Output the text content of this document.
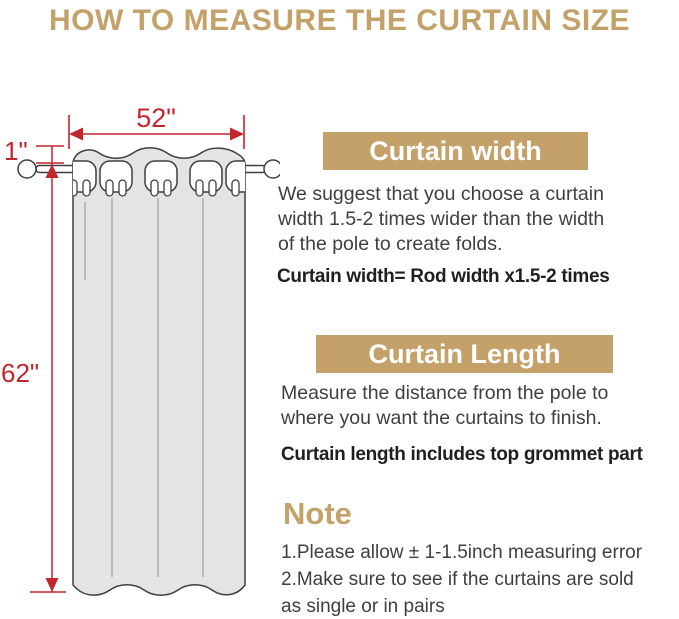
HOW TO MEASURE THE CURTAIN SIZE
52"
1"
62"
Curtain width
We suggest that you choose a curtain
width 1.5-2 times wider than the width
of the pole to create folds.
Curtain width= Rod width x1.5-2 times
Curtain Length
Measure the distance from the pole to
where you want the curtains to finish.
Curtain length includes top grommet part
Note
1.Please allow ± 1-1.5inch measuring error
2.Make sure to see if the curtains are sold
as single or in pairs
